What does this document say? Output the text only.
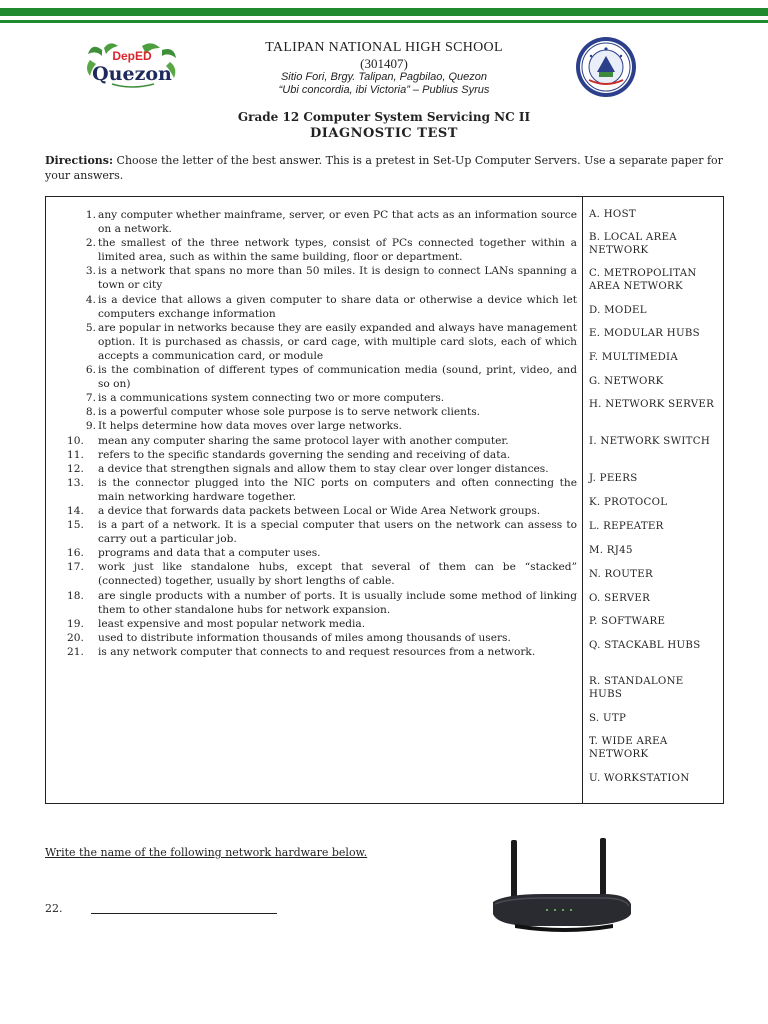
DepED
Quezon
TALIPAN NATIONAL HIGH SCHOOL
(301407)
Sitio Fori, Brgy. Talipan, Pagbilao, Quezon
“Ubi concordia, ibi Victoria” – Publius Syrus
Grade 12 Computer System Servicing NC II
DIAGNOSTIC TEST
Directions: Choose the letter of the best answer. This is a pretest in Set-Up Computer Servers. Use a separate paper for your answers.
1. any computer whether mainframe, server, or even PC that acts as an information source on a network.
2. the smallest of the three network types, consist of PCs connected together within a limited area, such as within the same building, floor or department.
3. is a network that spans no more than 50 miles. It is design to connect LANs spanning a town or city
4. is a device that allows a given computer to share data or otherwise a device which let computers exchange information
5. are popular in networks because they are easily expanded and always have management option. It is purchased as chassis, or card cage, with multiple card slots, each of which accepts a communication card, or module
6. is the combination of different types of communication media (sound, print, video, and so on)
7. is a communications system connecting two or more computers.
8. is a powerful computer whose sole purpose is to serve network clients.
9. It helps determine how data moves over large networks.
10.	mean any computer sharing the same protocol layer with another computer.
11.	refers to the specific standards governing the sending and receiving of data.
12.	a device that strengthen signals and allow them to stay clear over longer distances.
13.	is the connector plugged into the NIC ports on computers and often connecting the main networking hardware together.
14.	a device that forwards data packets between Local or Wide Area Network groups.
15.	is a part of a network. It is a special computer that users on the network can assess to carry out a particular job.
16.	programs and data that a computer uses.
17.	work just like standalone hubs, except that several of them can be “stacked” (connected) together, usually by short lengths of cable.
18.	are single products with a number of ports. It is usually include some method of linking them to other standalone hubs for network expansion.
19.	least expensive and most popular network media.
20.	used to distribute information thousands of miles among thousands of users.
21.	is any network computer that connects to and request resources from a network.
A. HOST
B. LOCAL AREA NETWORK
C. METROPOLITAN AREA NETWORK
D. MODEL
E. MODULAR HUBS
F. MULTIMEDIA
G. NETWORK
H. NETWORK SERVER
I. NETWORK SWITCH
J. PEERS
K. PROTOCOL
L. REPEATER
M. RJ45
N. ROUTER
O. SERVER
P. SOFTWARE
Q. STACKABL HUBS
R. STANDALONE HUBS
S. UTP
T. WIDE AREA NETWORK
U. WORKSTATION
Write the name of the following network hardware below.
22.
